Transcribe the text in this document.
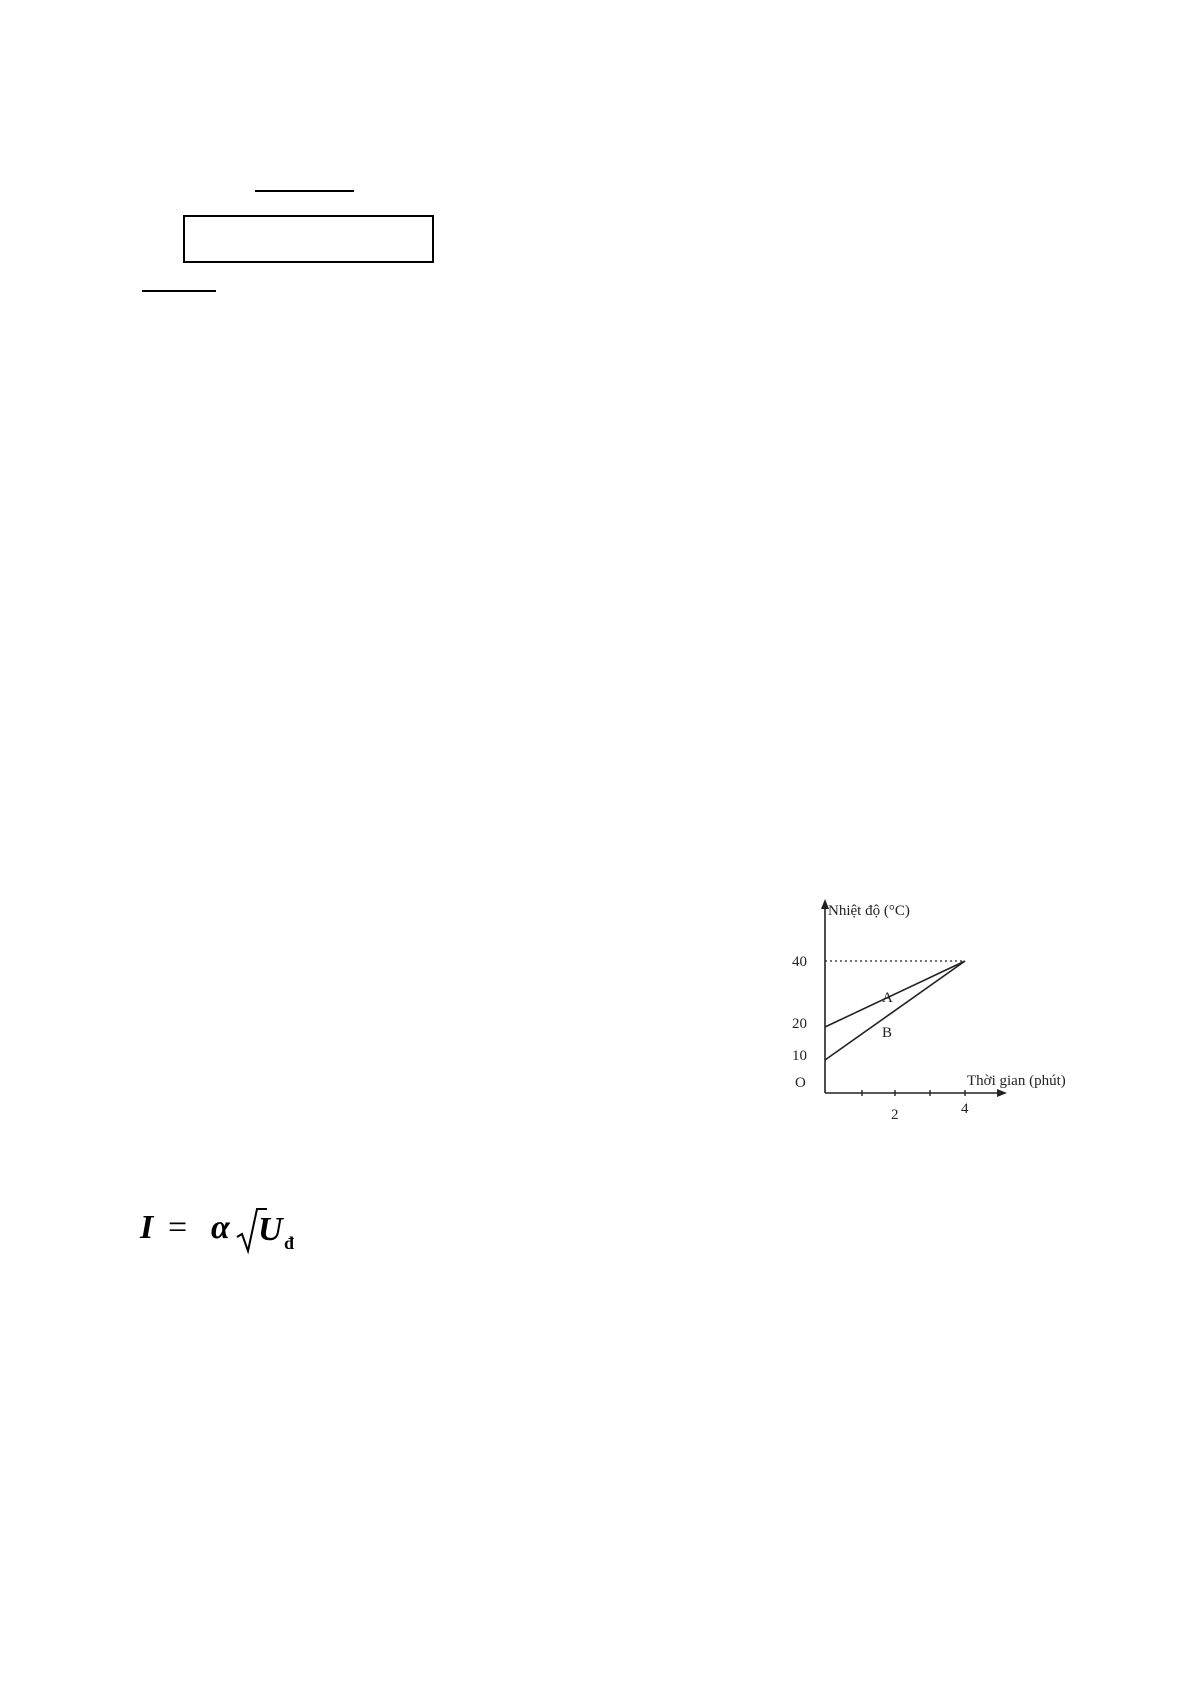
Nhiệt độ (°C)
Thời gian (phút)
40
20
10
O
2	4
A
B
I = α U đ
